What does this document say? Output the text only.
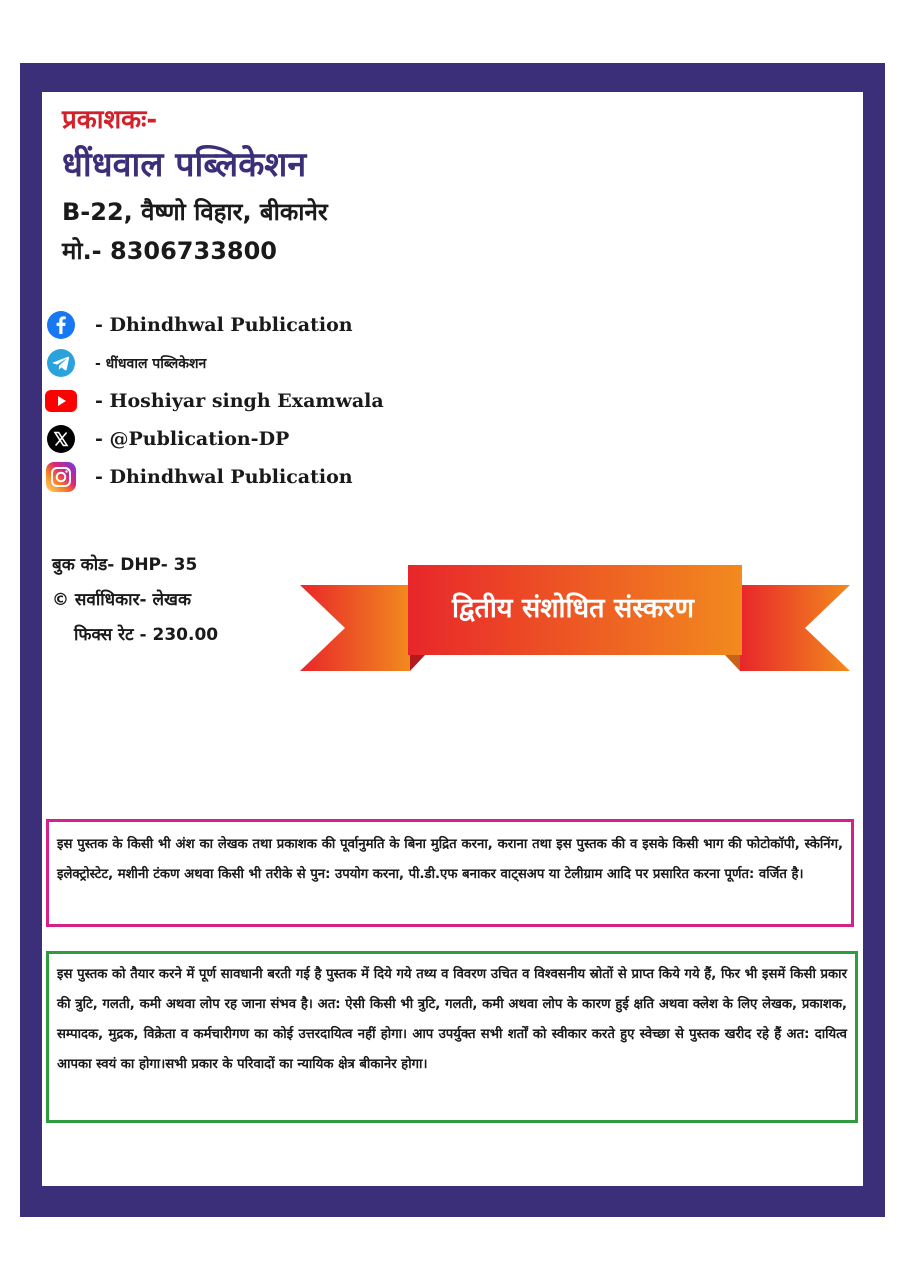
प्रकाशकः-
धींधवाल पब्लिकेशन
B-22, वैष्णो विहार, बीकानेर
मो.- 8306733800
- Dhindhwal Publication
- धींधवाल पब्लिकेशन
- Hoshiyar singh Examwala
- @Publication-DP
- Dhindhwal Publication
बुक कोड- DHP- 35
© सर्वाधिकार- लेखक
फिक्स रेट - 230.00
द्वितीय संशोधित संस्करण

इस पुस्तक के किसी भी अंश का लेखक तथा प्रकाशक की पूर्वानुमति के बिना मुद्रित करना, कराना तथा इस पुस्तक की व इसके किसी भाग की फोटोकॉपी, स्केनिंग, इलेक्ट्रोस्टेट, मशीनी टंकण अथवा किसी भी तरीके से पुन: उपयोग करना, पी.डी.एफ बनाकर वाट्सअप या टेलीग्राम आदि पर प्रसारित करना पूर्णत: वर्जित है।

इस पुस्तक को तैयार करने में पूर्ण सावधानी बरती गई है पुस्तक में दिये गये तथ्य व विवरण उचित व विश्वसनीय स्रोतों से प्राप्त किये गये हैं, फिर भी इसमें किसी प्रकार की त्रुटि, गलती, कमी अथवा लोप रह जाना संभव है। अत: ऐसी किसी भी त्रुटि, गलती, कमी अथवा लोप के कारण हुई क्षति अथवा क्लेश के लिए लेखक, प्रकाशक, सम्पादक, मुद्रक, विक्रेता व कर्मचारीगण का कोई उत्तरदायित्व नहीं होगा। आप उपर्युक्त सभी शर्तों को स्वीकार करते हुए स्वेच्छा से पुस्तक खरीद रहे हैं अत: दायित्व आपका स्वयं का होगा।सभी प्रकार के परिवादों का न्यायिक क्षेत्र बीकानेर होगा।
